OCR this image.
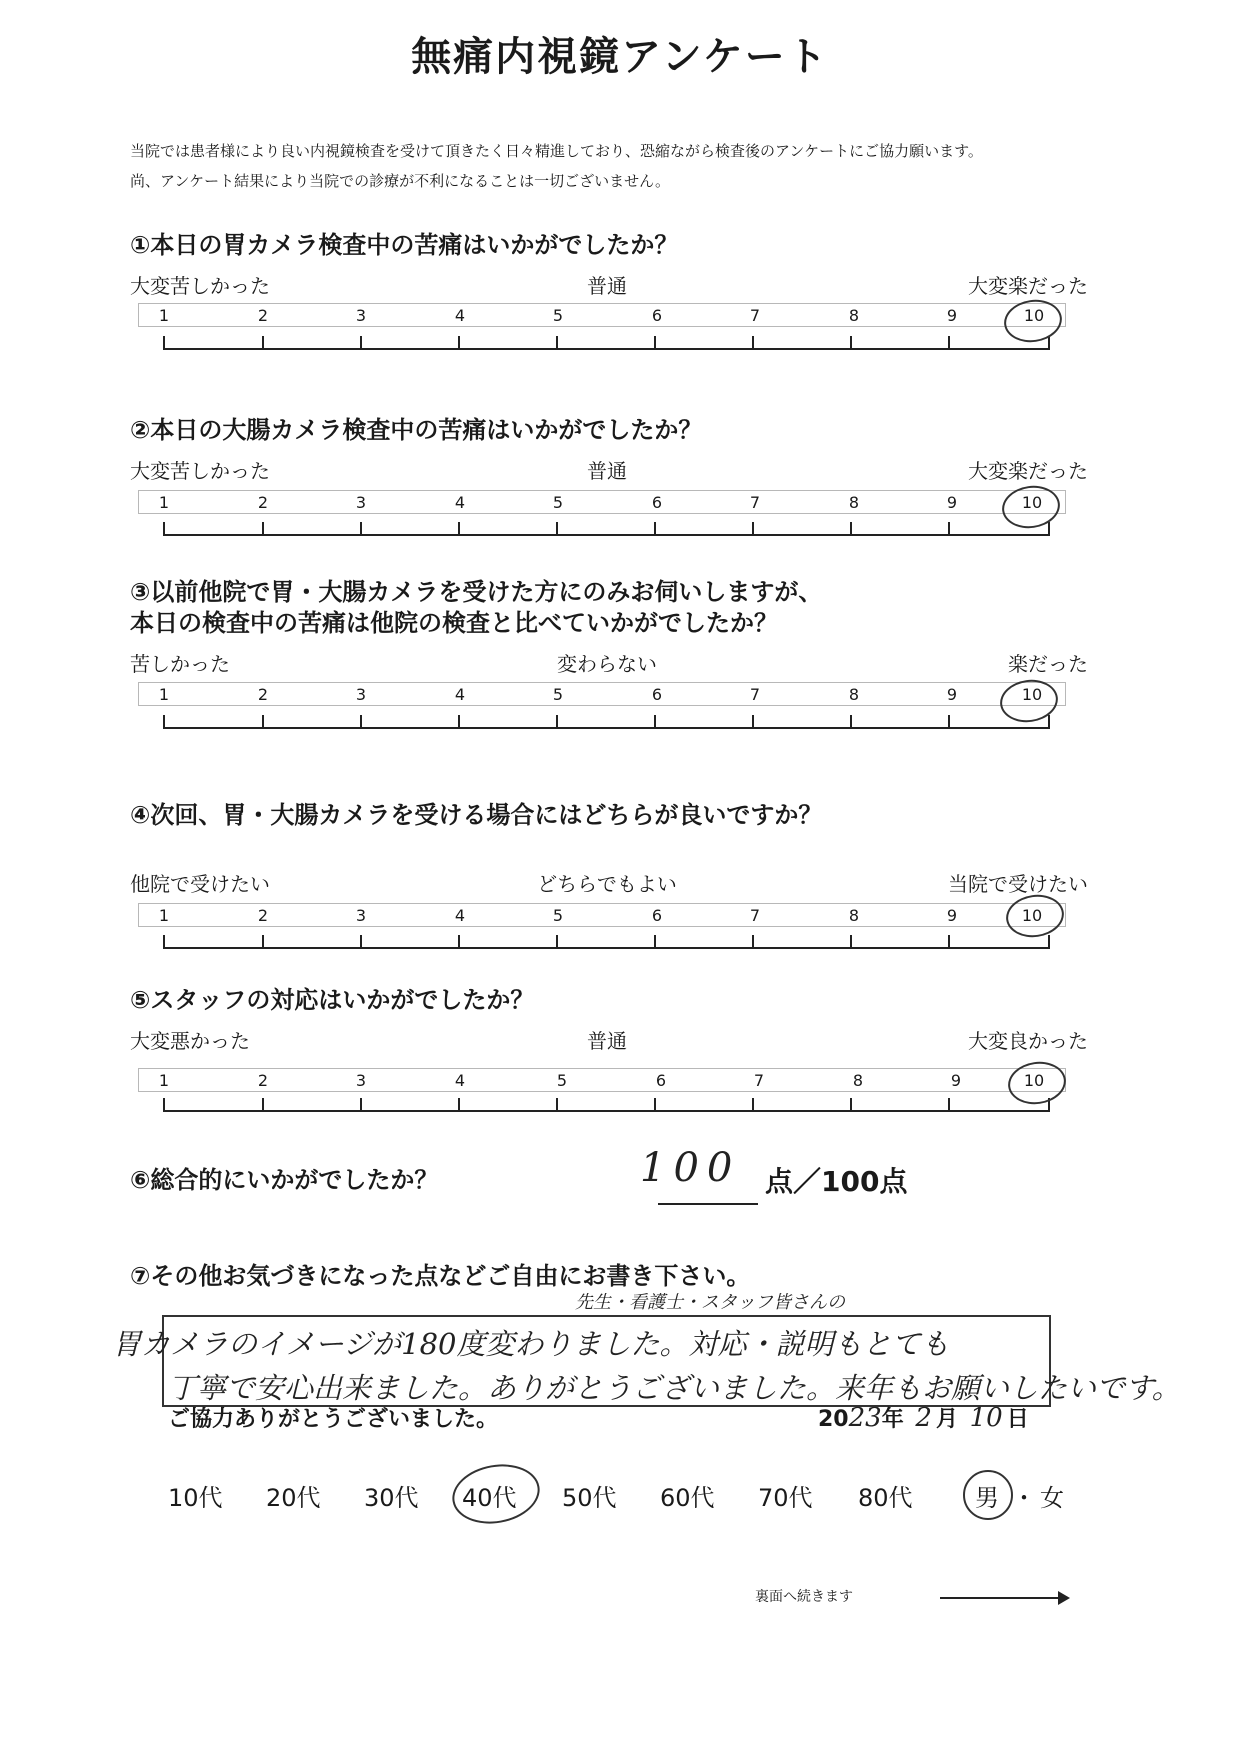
無痛内視鏡アンケート
当院では患者様により良い内視鏡検査を受けて頂きたく日々精進しており、恐縮ながら検査後のアンケートにご協力願います。
尚、アンケート結果により当院での診療が不利になることは一切ございません。
①本日の胃カメラ検査中の苦痛はいかがでしたか？
大変苦しかった	普通	大変楽だった
1	2	3	4	5	6	7	8	9	10
②本日の大腸カメラ検査中の苦痛はいかがでしたか？
大変苦しかった	普通	大変楽だった
1	2	3	4	5	6	7	8	9	10
③以前他院で胃・大腸カメラを受けた方にのみお伺いしますが、
本日の検査中の苦痛は他院の検査と比べていかがでしたか？
苦しかった	変わらない	楽だった
1	2	3	4	5	6	7	8	9	10
④次回、胃・大腸カメラを受ける場合にはどちらが良いですか？
他院で受けたい	どちらでもよい	当院で受けたい
1	2	3	4	5	6	7	8	9	10
⑤スタッフの対応はいかがでしたか？
大変悪かった	普通	大変良かった
1	2	3	4	5	6	7	8	9	10
⑥総合的にいかがでしたか？	100 点／100点
⑦その他お気づきになった点などご自由にお書き下さい。
先生・看護士・スタッフ皆さんの
胃カメラのイメージが180度変わりました。対応・説明もとても
丁寧で安心出来ました。ありがとうございました。来年もお願いしたいです。
ご協力ありがとうございました。	2023年 2 月 10 日
10代 20代 30代 40代 50代 60代 70代 80代	男 ・ 女
裏面へ続きます
